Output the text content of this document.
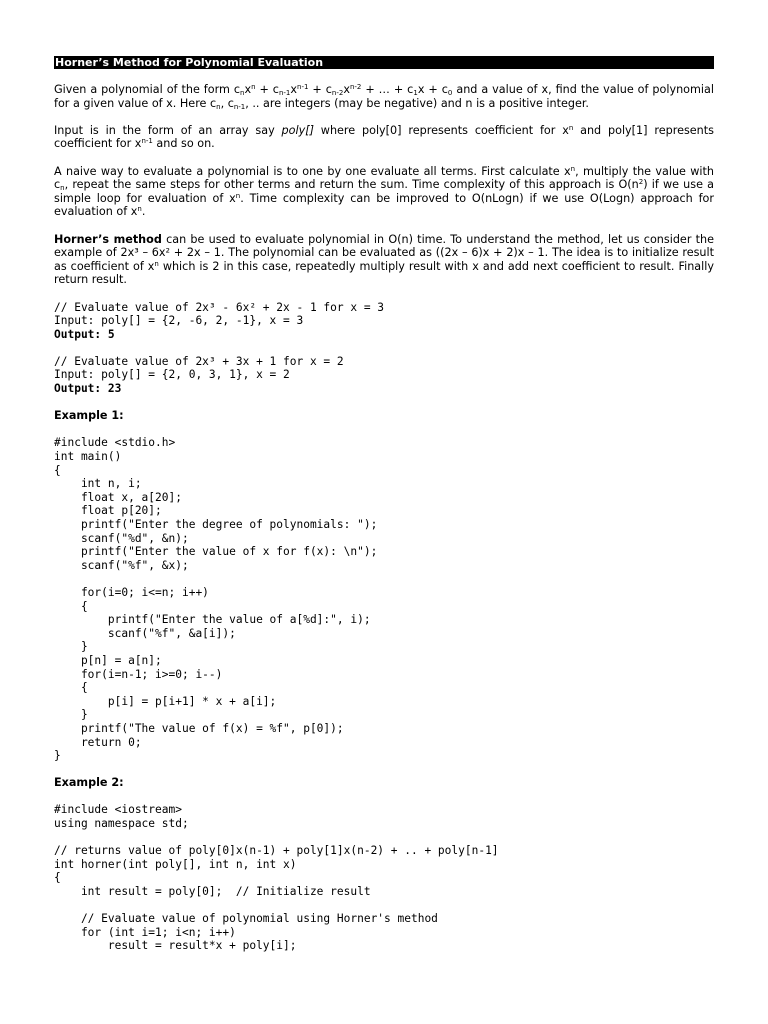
Horner’s Method for Polynomial Evaluation

Given a polynomial of the form $c_nx^n + c_{n-1}x^{n-1} + c_{n-2}x^{n-2}$ + … + $c_1x + c_0$ and a value of x, find the value of polynomial for a given value of x. Here $c_n$, $c_{n-1}$, .. are integers (may be negative) and n is a positive integer.

Input is in the form of an array say poly[] where poly[0] represents coefficient for $x^n$ and poly[1] represents coefficient for $x^{n-1}$ and so on.

A naive way to evaluate a polynomial is to one by one evaluate all terms. First calculate $x^n$, multiply the value with $c_n$, repeat the same steps for other terms and return the sum. Time complexity of this approach is $O(n^2)$ if we use a simple loop for evaluation of $x^n$. Time complexity can be improved to O(nLogn) if we use O(Logn) approach for evaluation of $x^n$.

Horner’s method can be used to evaluate polynomial in O(n) time. To understand the method, let us consider the example of 2x³ – 6x² + 2x – 1. The polynomial can be evaluated as ((2x – 6)x + 2)x – 1. The idea is to initialize result as coefficient of $x^n$ which is 2 in this case, repeatedly multiply result with x and add next coefficient to result. Finally return result.

// Evaluate value of 2x³ - 6x² + 2x - 1 for x = 3
Input: poly[] = {2, -6, 2, -1}, x = 3
Output: 5
// Evaluate value of 2x³ + 3x + 1 for x = 2
Input: poly[] = {2, 0, 3, 1}, x = 2
Output: 23
Example 1:
#include <stdio.h>
int main()
{
int n, i;
float x, a[20];
float p[20];
printf("Enter the degree of polynomials: ");
scanf("%d", &n);
printf("Enter the value of x for f(x): \n");
scanf("%f", &x);

for(i=0; i<=n; i++)
{
printf("Enter the value of a[%d]:", i);
scanf("%f", &a[i]);
}
p[n] = a[n];
for(i=n-1; i>=0; i--)
{
p[i] = p[i+1] * x + a[i];
}
printf("The value of f(x) = %f", p[0]);
return 0;
}
Example 2:
#include <iostream>
using namespace std;

// returns value of poly[0]x(n-1) + poly[1]x(n-2) + .. + poly[n-1]
int horner(int poly[], int n, int x)
{
int result = poly[0];  // Initialize result

// Evaluate value of polynomial using Horner's method
for (int i=1; i<n; i++)
result = result*x + poly[i];
